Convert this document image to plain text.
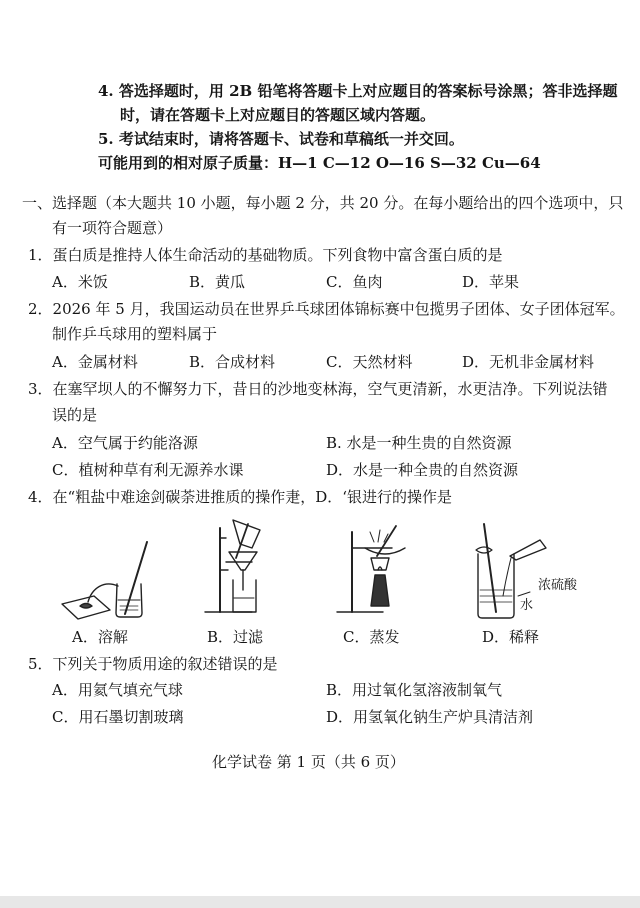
4. 答选择题时，用 2B 铅笔将答题卡上对应题目的答案标号涂黑；答非选择题
时，请在答题卡上对应题目的答题区域内答题。
5. 考试结束时，请将答题卡、试卷和草稿纸一并交回。
可能用到的相对原子质量：H—1 C—12 O—16 S—32 Cu—64
一、选择题（本大题共 10 小题，每小题 2 分，共 20 分。在每小题给出的四个选项中，只
有一项符合题意）
1．蛋白质是推持人体生命活动的基础物质。下列食物中富含蛋白质的是
A．米饭	B．黄瓜	C．鱼肉	D．苹果
2．2026 年 5 月，我国运动员在世界乒乓球团体锦标赛中包揽男子团体、女子团体冠军。
制作乒乓球用的塑料属于
A．金属材料	B．合成材料	C．天然材料	D．无机非金属材料
3．在塞罕坝人的不懈努力下，昔日的沙地变林海，空气更清新，水更洁净。下列说法错
误的是
A．空气属于约能洛源	B. 水是一种生贵的自然资源
C．植树种草有利无源养水课	D．水是一种全贵的自然资源
4．在“粗盐中难途剑碳荼进推质的操作疌，D．‘银进行的操作是
浓硫酸
水
A．溶解	B．过滤	C．蒸发	D．稀释
5．下列关于物质用途的叙述错误的是
A．用氦气填充气球	B．用过氧化氢溶液制氧气
C．用石墨切割玻璃	D．用氢氧化钠生产炉具清洁剂
化学试卷 第 1 页（共 6 页）
